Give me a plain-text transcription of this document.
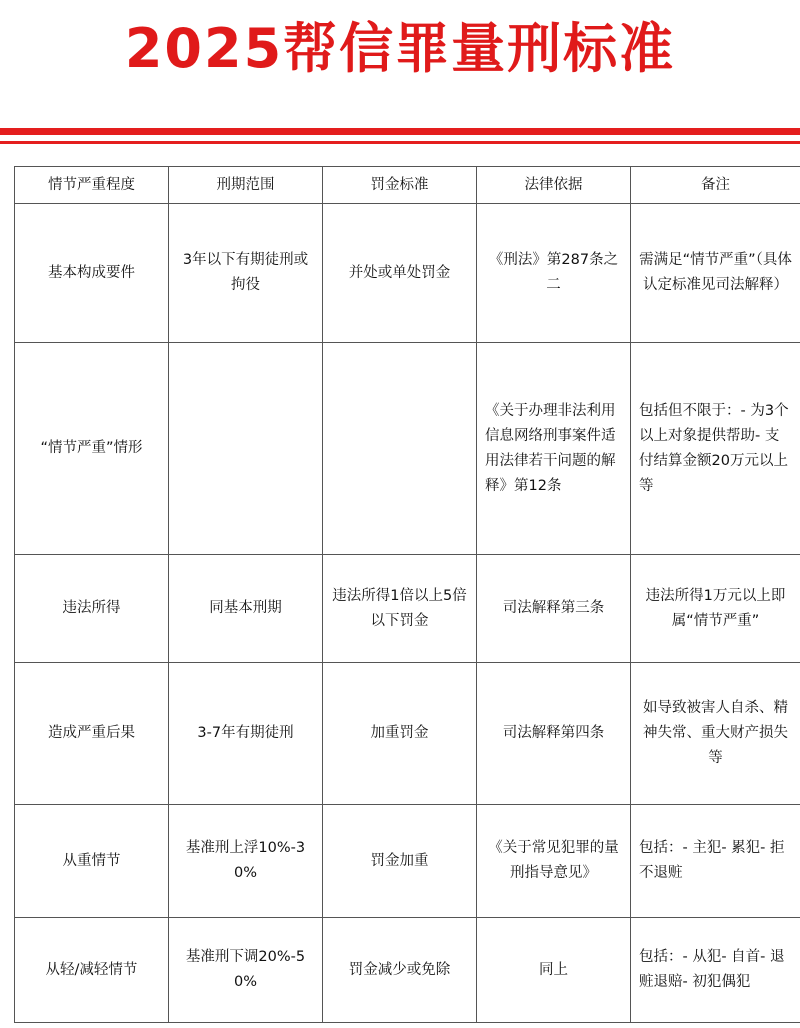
2025帮信罪量刑标准
情节严重程度	刑期范围	罚金标准	法律依据	备注
基本构成要件	3年以下有期徒刑或拘役	并处或单处罚金	《刑法》第287条之二	需满足“情节严重”（具体认定标准见司法解释）
“情节严重”情形			《关于办理非法利用信息网络刑事案件适用法律若干问题的解释》第12条	包括但不限于：- 为3个以上对象提供帮助- 支付结算金额20万元以上等
违法所得	同基本刑期	违法所得1倍以上5倍以下罚金	司法解释第三条	违法所得1万元以上即属“情节严重”
造成严重后果	3-7年有期徒刑	加重罚金	司法解释第四条	如导致被害人自杀、精神失常、重大财产损失等
从重情节	基准刑上浮10%-30%	罚金加重	《关于常见犯罪的量刑指导意见》	包括：- 主犯- 累犯- 拒不退赃
从轻/减轻情节	基准刑下调20%-50%	罚金减少或免除	同上	包括：- 从犯- 自首- 退赃退赔- 初犯偶犯
